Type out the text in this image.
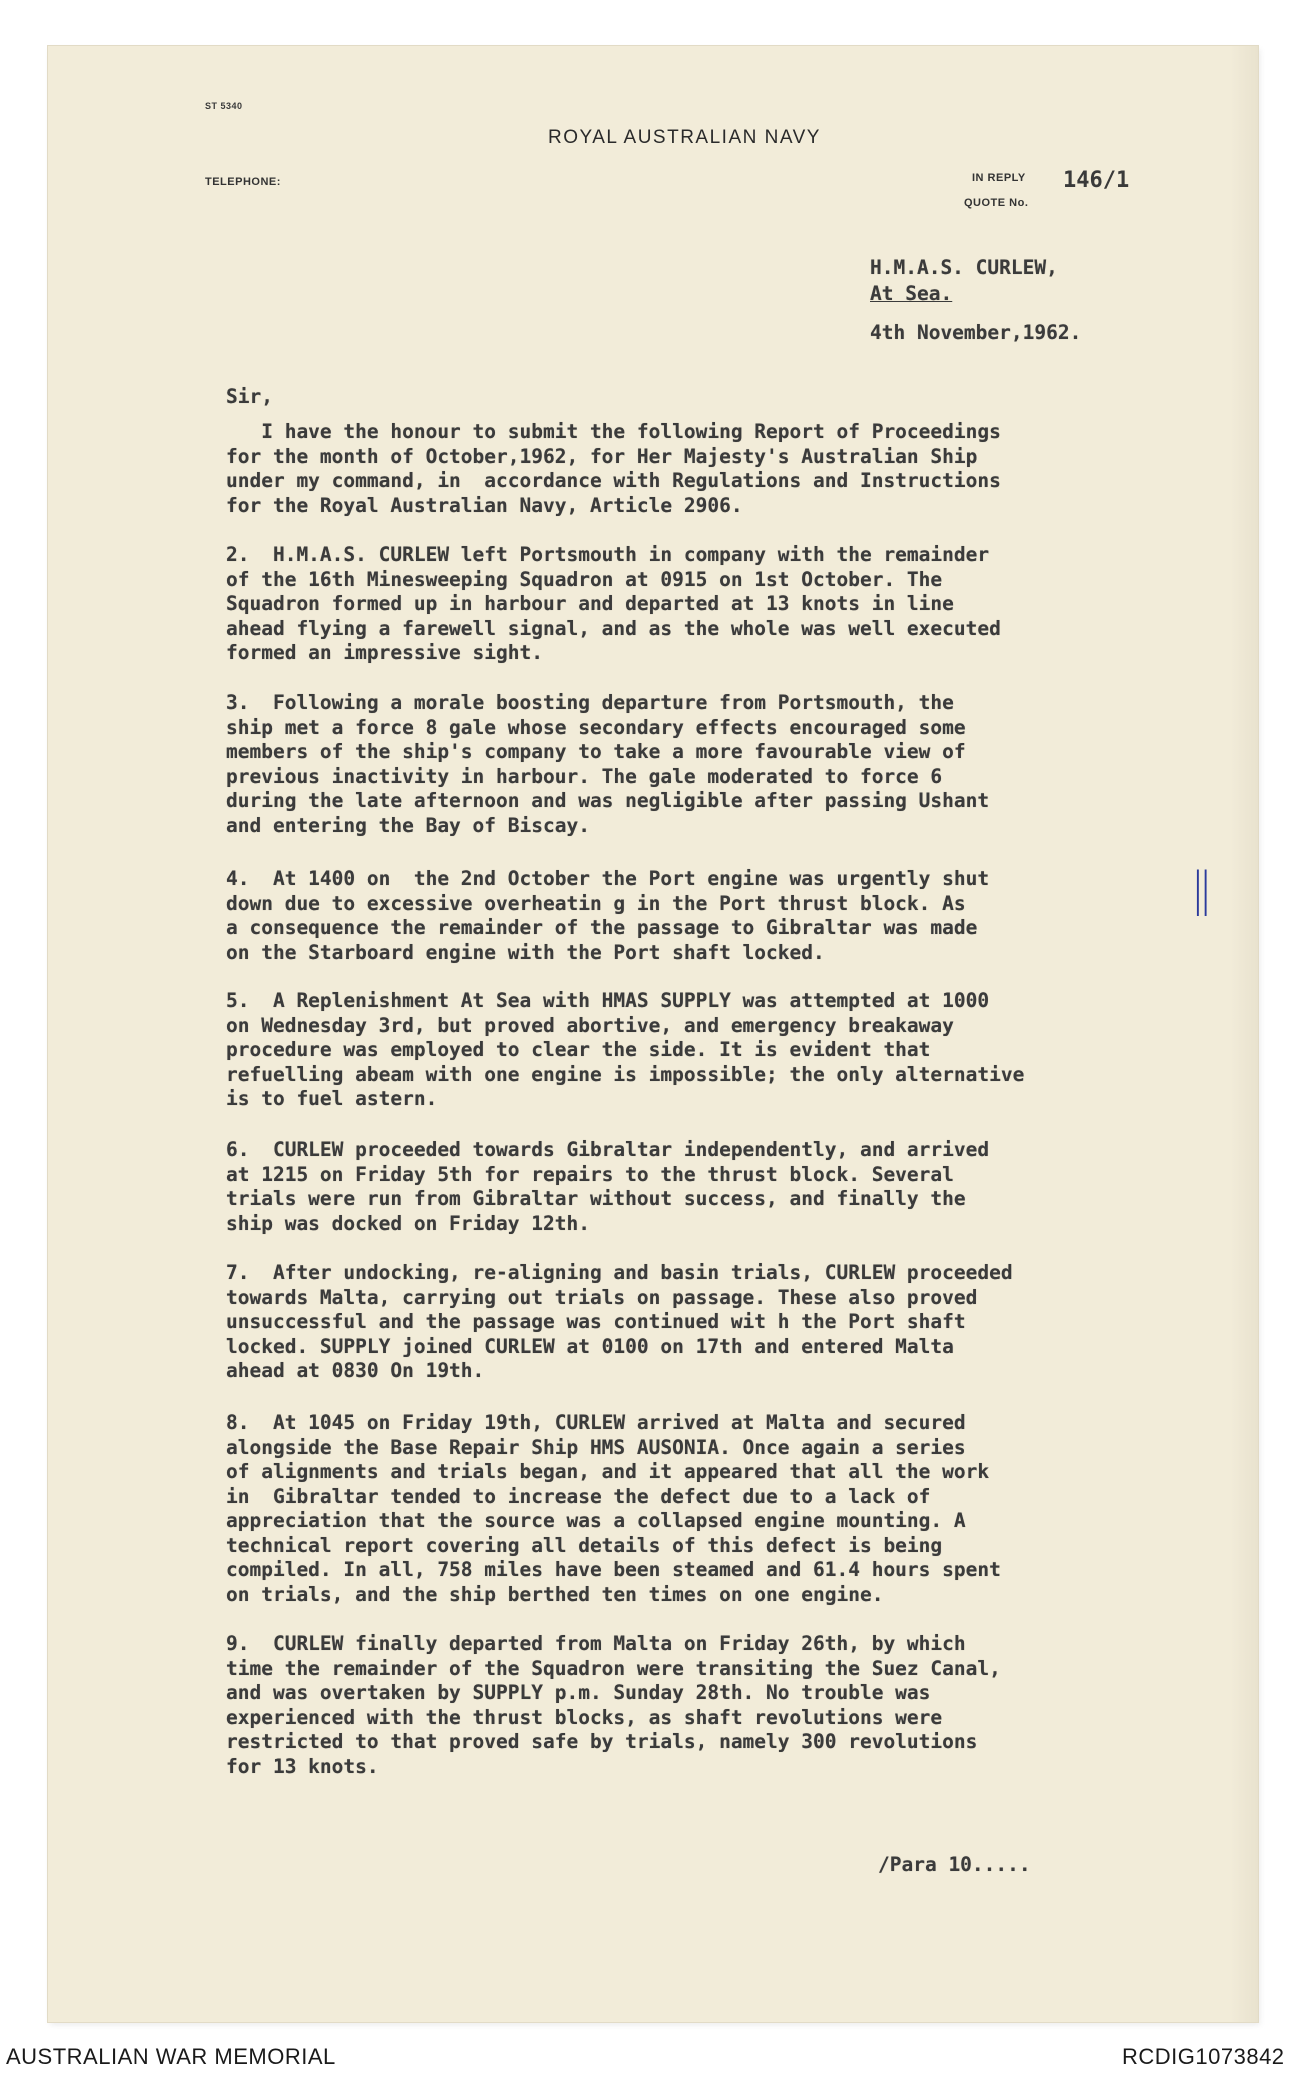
ST 5340
ROYAL AUSTRALIAN NAVY
TELEPHONE:	IN REPLY
QUOTE No.
146/1
H.M.A.S. CURLEW,
At Sea.
4th November,1962.
Sir,
I have the honour to submit the following Report of Proceedings
for the month of October,1962, for Her Majesty's Australian Ship
under my command, in  accordance with Regulations and Instructions
for the Royal Australian Navy, Article 2906.
2.  H.M.A.S. CURLEW left Portsmouth in company with the remainder
of the 16th Minesweeping Squadron at 0915 on 1st October. The
Squadron formed up in harbour and departed at 13 knots in line
ahead flying a farewell signal, and as the whole was well executed
formed an impressive sight.
3.  Following a morale boosting departure from Portsmouth, the
ship met a force 8 gale whose secondary effects encouraged some
members of the ship's company to take a more favourable view of
previous inactivity in harbour. The gale moderated to force 6
during the late afternoon and was negligible after passing Ushant
and entering the Bay of Biscay.
4.  At 1400 on  the 2nd October the Port engine was urgently shut
down due to excessive overheatin g in the Port thrust block. As
a consequence the remainder of the passage to Gibraltar was made
on the Starboard engine with the Port shaft locked.
5.  A Replenishment At Sea with HMAS SUPPLY was attempted at 1000
on Wednesday 3rd, but proved abortive, and emergency breakaway
procedure was employed to clear the side. It is evident that
refuelling abeam with one engine is impossible; the only alternative
is to fuel astern.
6.  CURLEW proceeded towards Gibraltar independently, and arrived
at 1215 on Friday 5th for repairs to the thrust block. Several
trials were run from Gibraltar without success, and finally the
ship was docked on Friday 12th.
7.  After undocking, re-aligning and basin trials, CURLEW proceeded
towards Malta, carrying out trials on passage. These also proved
unsuccessful and the passage was continued wit h the Port shaft
locked. SUPPLY joined CURLEW at 0100 on 17th and entered Malta
ahead at 0830 On 19th.
8.  At 1045 on Friday 19th, CURLEW arrived at Malta and secured
alongside the Base Repair Ship HMS AUSONIA. Once again a series
of alignments and trials began, and it appeared that all the work
in  Gibraltar tended to increase the defect due to a lack of
appreciation that the source was a collapsed engine mounting. A
technical report covering all details of this defect is being
compiled. In all, 758 miles have been steamed and 61.4 hours spent
on trials, and the ship berthed ten times on one engine.
9.  CURLEW finally departed from Malta on Friday 26th, by which
time the remainder of the Squadron were transiting the Suez Canal,
and was overtaken by SUPPLY p.m. Sunday 28th. No trouble was
experienced with the thrust blocks, as shaft revolutions were
restricted to that proved safe by trials, namely 300 revolutions
for 13 knots.
||
/Para 10.....
AUSTRALIAN WAR MEMORIAL	RCDIG1073842
